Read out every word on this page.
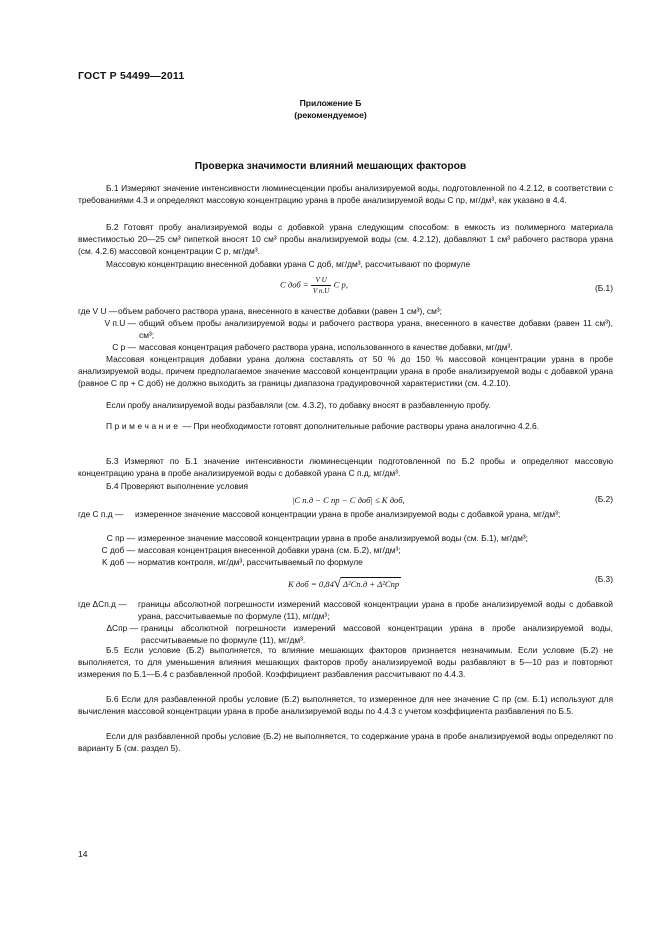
ГОСТ Р 54499—2011
Приложение Б
(рекомендуемое)
Проверка значимости влияний мешающих факторов
Б.1 Измеряют значение интенсивности люминесценции пробы анализируемой воды, подготовленной по 4.2.12, в соответствии с требованиями 4.3 и определяют массовую концентрацию урана в пробе анализируемой воды C пр, мг/дм³, как указано в 4.4.
Б.2 Готовят пробу анализируемой воды с добавкой урана следующим способом: в емкость из полимерного материала вместимостью 20—25 см³ пипеткой вносят 10 см³ пробы анализируемой воды (см. 4.2.12), добавляют 1 см³ рабочего раствора урана (см. 4.2.6) массовой концентрации C р, мг/дм³.
Массовую концентрацию внесенной добавки урана C доб, мг/дм³, рассчитывают по формуле
C доб = $\frac{\text{V U}}{\text{V п.U}}$ C р,	(Б.1)
где V U — объем рабочего раствора урана, внесенного в качестве добавки (равен 1 см³), см³;
V п.U — общий объем пробы анализируемой воды и рабочего раствора урана, внесенного в качестве добавки (равен 11 см³), см³;
C р — массовая концентрация рабочего раствора урана, использованного в качестве добавки, мг/дм³.
Массовая концентрация добавки урана должна составлять от 50 % до 150 % массовой концентрации урана в пробе анализируемой воды, причем предполагаемое значение массовой концентрации урана в пробе анализируемой воды с добавкой урана (равное C пр + C доб) не должно выходить за границы диапазона градуировочной характеристики (см. 4.2.10).
Если пробу анализируемой воды разбавляли (см. 4.3.2), то добавку вносят в разбавленную пробу.
Примечание — При необходимости готовят дополнительные рабочие растворы урана аналогично 4.2.6.
Б.3 Измеряют по Б.1 значение интенсивности люминесценции подготовленной по Б.2 пробы и определяют массовую концентрацию урана в пробе анализируемой воды с добавкой урана C п.д, мг/дм³.
Б.4 Проверяют выполнение условия
|C п.д − C пр − C доб| ≤ K доб,	(Б.2)
где C п.д —	измеренное значение массовой концентрации урана в пробе анализируемой воды с добавкой урана, мг/дм³;
C пр — измеренное значение массовой концентрации урана в пробе анализируемой воды (см. Б.1), мг/дм³;
C доб — массовая концентрация внесенной добавки урана (см. Б.2), мг/дм³;
K доб — норматив контроля, мг/дм³, рассчитываемый по формуле
K доб = 0,84√ Δ²Cп.д + Δ²Cпр	(Б.3)
где ΔCп.д —	границы абсолютной погрешности измерений массовой концентрации урана в пробе анализируемой воды с добавкой урана, рассчитываемые по формуле (11), мг/дм³;
ΔCпр — границы абсолютной погрешности измерений массовой концентрации урана в пробе анализируемой воды, рассчитываемые по формуле (11), мг/дм³.
Б.5 Если условие (Б.2) выполняется, то влияние мешающих факторов признается незначимым. Если условие (Б.2) не выполняется, то для уменьшения влияния мешающих факторов пробу анализируемой воды разбавляют в 5—10 раз и повторяют измерения по Б.1—Б.4 с разбавленной пробой. Коэффициент разбавления рассчитывают по 4.4.3.
Б.6 Если для разбавленной пробы условие (Б.2) выполняется, то измеренное для нее значение C пр (см. Б.1) используют для вычисления массовой концентрации урана в пробе анализируемой воды по 4.4.3 с учетом коэффициента разбавления по Б.5.
Если для разбавленной пробы условие (Б.2) не выполняется, то содержание урана в пробе анализируемой воды определяют по варианту Б (см. раздел 5).
14
